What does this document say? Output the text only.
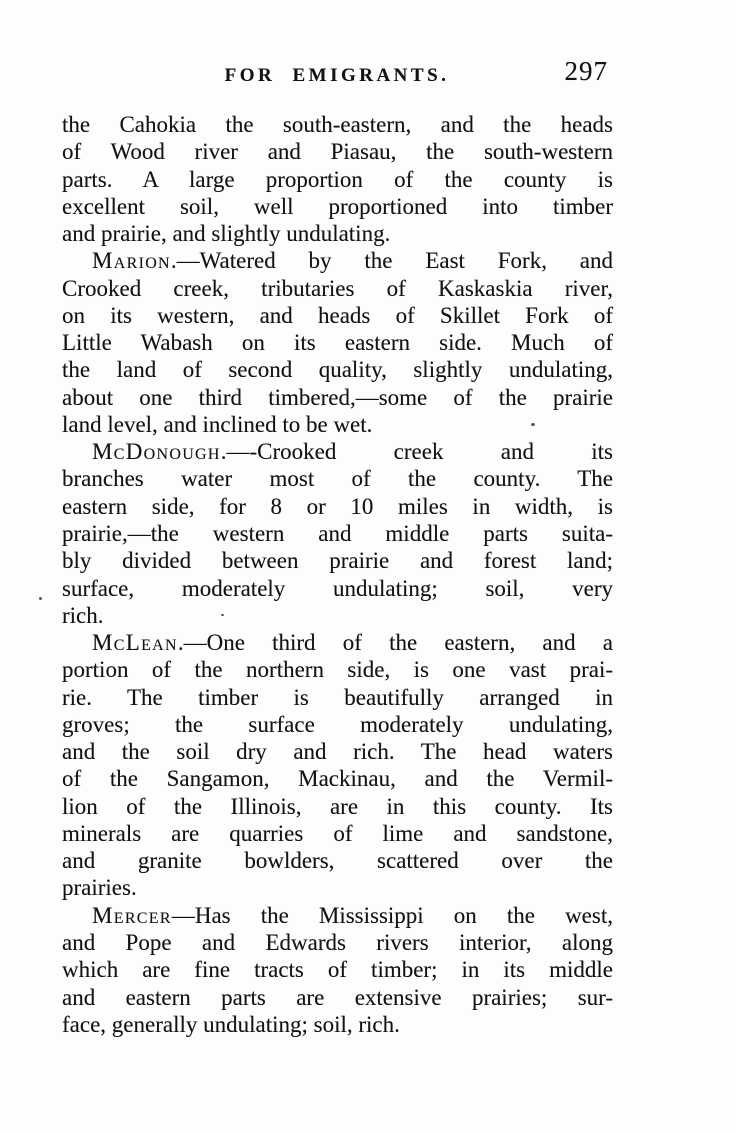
FOR EMIGRANTS.	297
the Cahokia the south-eastern, and the heads
of Wood river and Piasau, the south-western
parts. A large proportion of the county is
excellent soil, well proportioned into timber
and prairie, and slightly undulating.
Marion.—Watered by the East Fork, and
Crooked creek, tributaries of Kaskaskia river,
on its western, and heads of Skillet Fork of
Little Wabash on its eastern side. Much of
the land of second quality, slightly undulating,
about one third timbered,—some of the prairie
land level, and inclined to be wet.
McDonough.—-Crooked creek and its
branches water most of the county. The
eastern side, for 8 or 10 miles in width, is
prairie,—the western and middle parts suita-
bly divided between prairie and forest land;
surface, moderately undulating; soil, very
rich.
McLean.—One third of the eastern, and a
portion of the northern side, is one vast prai-
rie. The timber is beautifully arranged in
groves; the surface moderately undulating,
and the soil dry and rich. The head waters
of the Sangamon, Mackinau, and the Vermil-
lion of the Illinois, are in this county. Its
minerals are quarries of lime and sandstone,
and granite bowlders, scattered over the
prairies.
Mercer—Has the Mississippi on the west,
and Pope and Edwards rivers interior, along
which are fine tracts of timber; in its middle
and eastern parts are extensive prairies; sur-
face, generally undulating; soil, rich.
